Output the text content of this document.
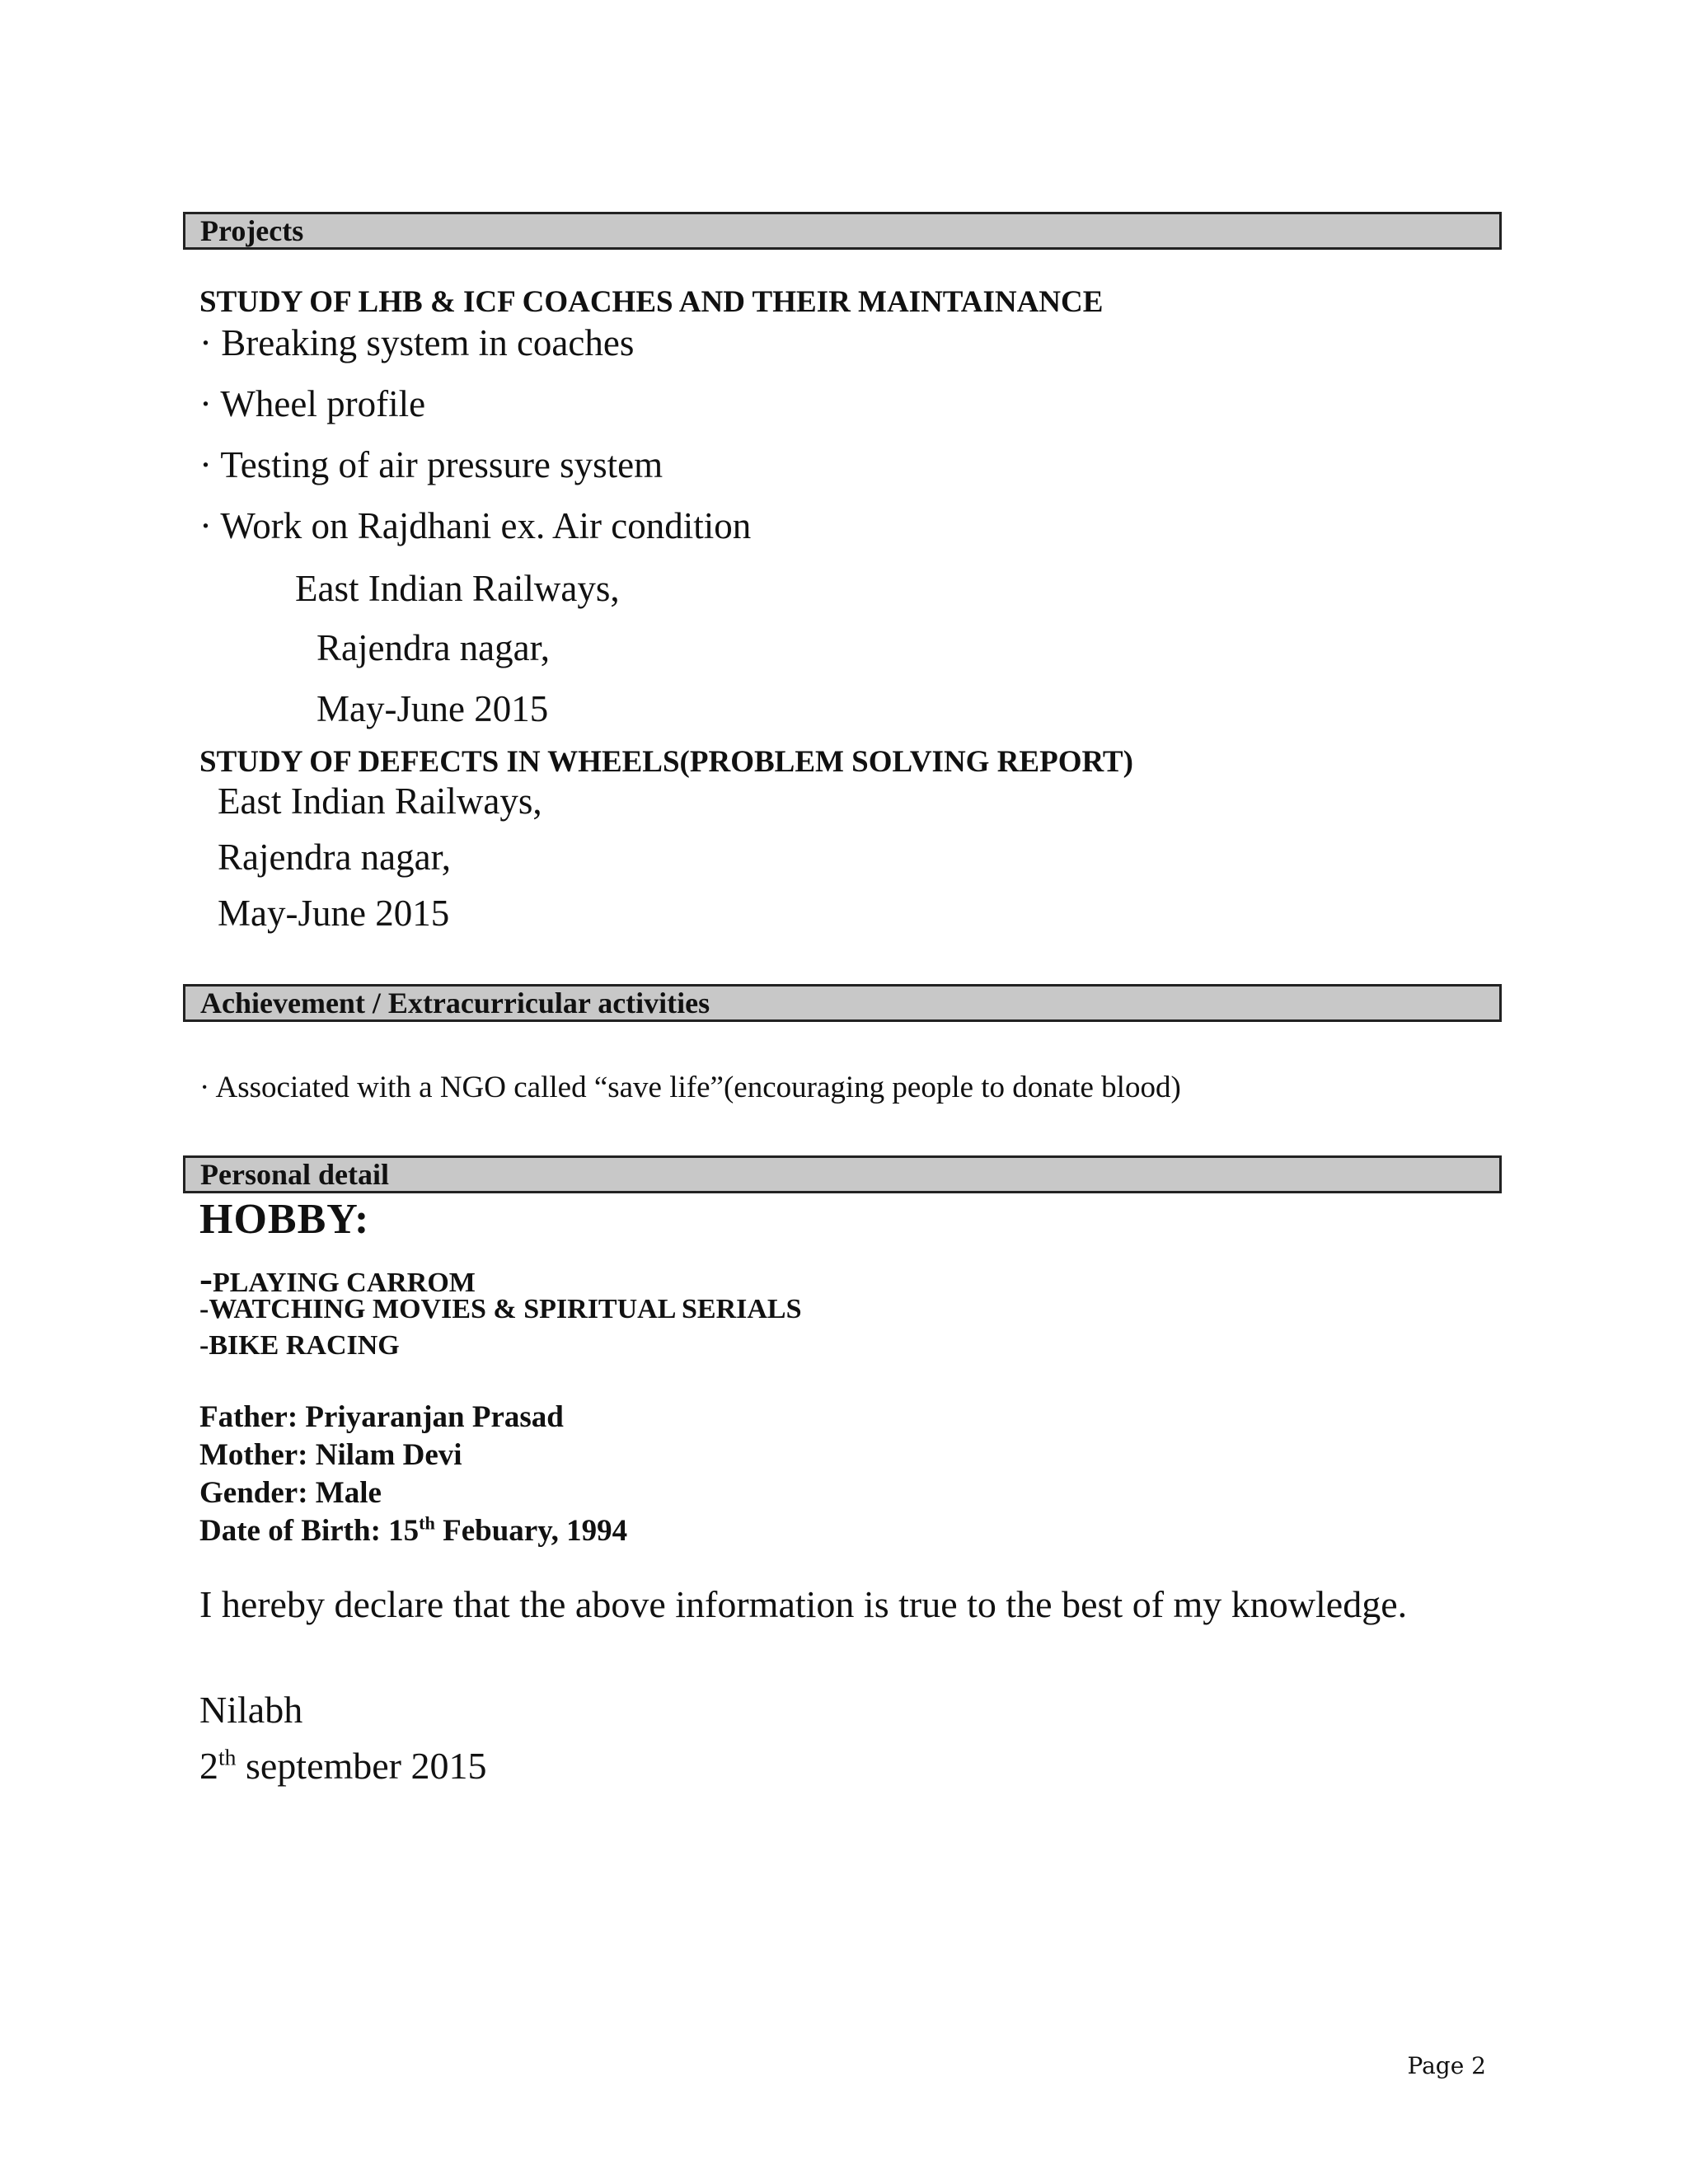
Projects
STUDY OF LHB & ICF COACHES AND THEIR MAINTAINANCE
· Breaking system in coaches
· Wheel profile
· Testing of air pressure system
· Work on Rajdhani ex. Air condition
East Indian Railways,
Rajendra nagar,
May-June 2015
STUDY OF DEFECTS IN WHEELS(PROBLEM SOLVING REPORT)
East Indian Railways,
Rajendra nagar,
May-June 2015
Achievement / Extracurricular activities
· Associated with a NGO called “save life”(encouraging people to donate blood)
Personal detail
HOBBY:
-PLAYING CARROM
-WATCHING MOVIES & SPIRITUAL SERIALS
-BIKE RACING
Father: Priyaranjan Prasad
Mother: Nilam Devi
Gender: Male
Date of Birth: 15th Febuary, 1994
I hereby declare that the above information is true to the best of my knowledge.
Nilabh
2th september 2015
Page 2
